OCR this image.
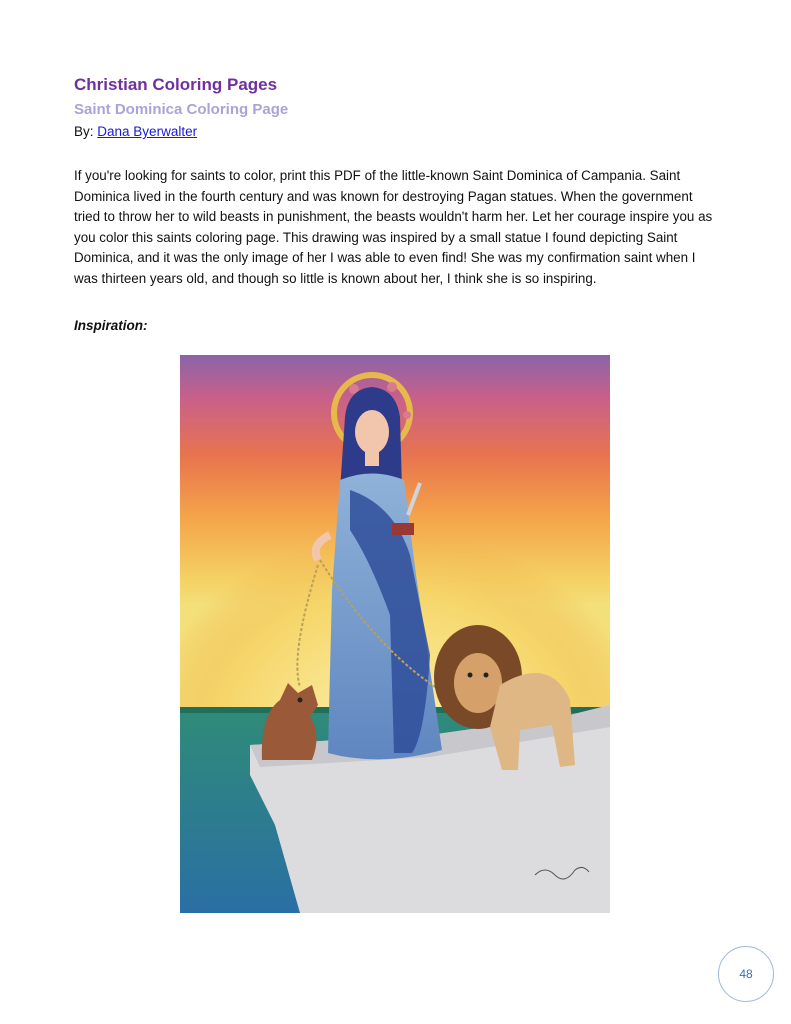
Christian Coloring Pages
Saint Dominica Coloring Page
By: Dana Byerwalter
If you're looking for saints to color, print this PDF of the little-known Saint Dominica of Campania. Saint Dominica lived in the fourth century and was known for destroying Pagan statues. When the government tried to throw her to wild beasts in punishment, the beasts wouldn't harm her. Let her courage inspire you as you color this saints coloring page. This drawing was inspired by a small statue I found depicting Saint Dominica, and it was the only image of her I was able to even find! She was my confirmation saint when I was thirteen years old, and though so little is known about her, I think she is so inspiring.
Inspiration:
48
